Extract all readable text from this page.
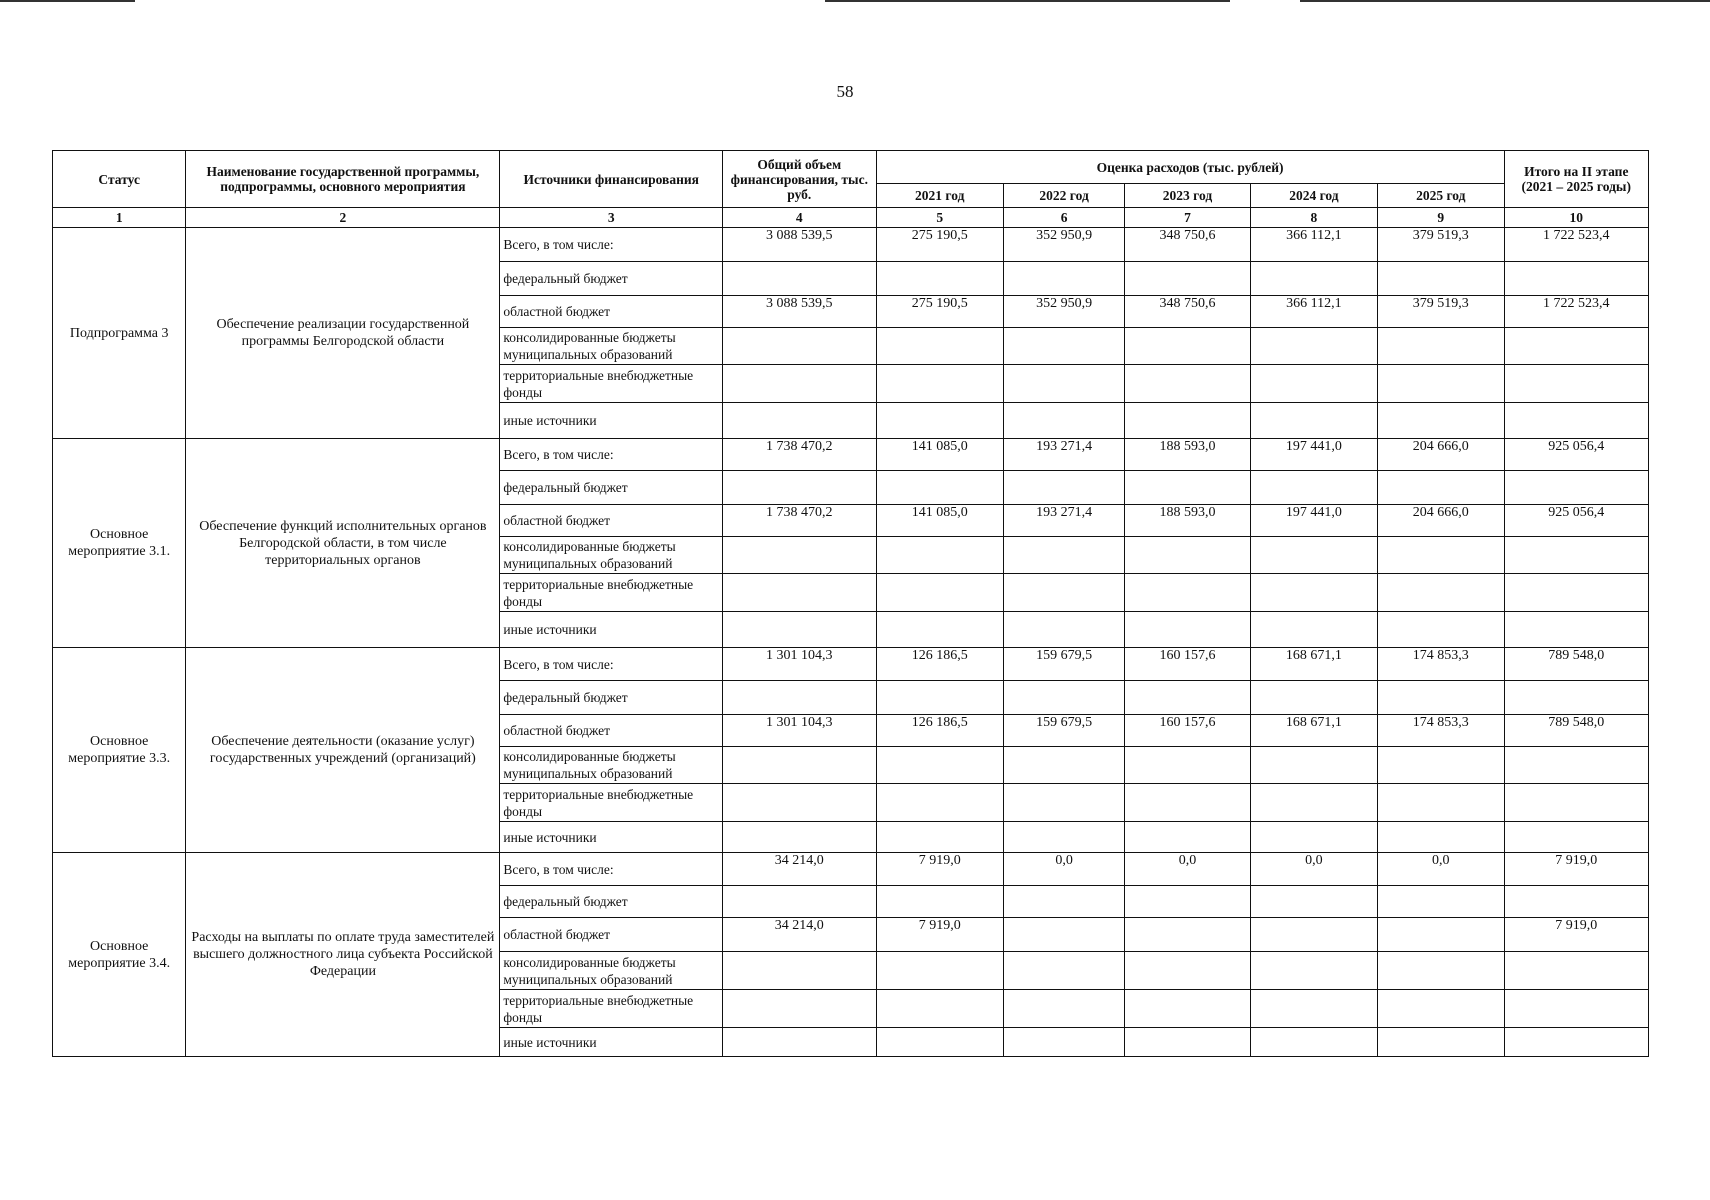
58
Статус	Наименование государственной программы, подпрограммы, основного мероприятия	Источники финансирования	Общий объем финансирования, тыс. руб.	Оценка расходов (тыс. рублей)					Итого на II этапе (2021 – 2025 годы)
				2021 год	2022 год	2023 год	2024 год	2025 год	
1	2	3	4	5	6	7	8	9	10
Подпрограмма 3	Обеспечение реализации государственной программы Белгородской области	Всего, в том числе:	3 088 539,5	275 190,5	352 950,9	348 750,6	366 112,1	379 519,3	1 722 523,4
		федеральный бюджет							
		областной бюджет	3 088 539,5	275 190,5	352 950,9	348 750,6	366 112,1	379 519,3	1 722 523,4
		консолидированные бюджеты муниципальных образований							
		территориальные внебюджетные фонды							
		иные источники							
Основное мероприятие 3.1.	Обеспечение функций исполнительных органов Белгородской области, в том числе территориальных органов	Всего, в том числе:	1 738 470,2	141 085,0	193 271,4	188 593,0	197 441,0	204 666,0	925 056,4
		федеральный бюджет							
		областной бюджет	1 738 470,2	141 085,0	193 271,4	188 593,0	197 441,0	204 666,0	925 056,4
		консолидированные бюджеты муниципальных образований							
		территориальные внебюджетные фонды							
		иные источники							
Основное мероприятие 3.3.	Обеспечение деятельности (оказание услуг) государственных учреждений (организаций)	Всего, в том числе:	1 301 104,3	126 186,5	159 679,5	160 157,6	168 671,1	174 853,3	789 548,0
		федеральный бюджет							
		областной бюджет	1 301 104,3	126 186,5	159 679,5	160 157,6	168 671,1	174 853,3	789 548,0
		консолидированные бюджеты муниципальных образований							
		территориальные внебюджетные фонды							
		иные источники							
Основное мероприятие 3.4.	Расходы на выплаты по оплате труда заместителей высшего должностного лица субъекта Российской Федерации	Всего, в том числе:	34 214,0	7 919,0	0,0	0,0	0,0	0,0	7 919,0
		федеральный бюджет							
		областной бюджет	34 214,0	7 919,0					7 919,0
		консолидированные бюджеты муниципальных образований							
		территориальные внебюджетные фонды							
		иные источники							
